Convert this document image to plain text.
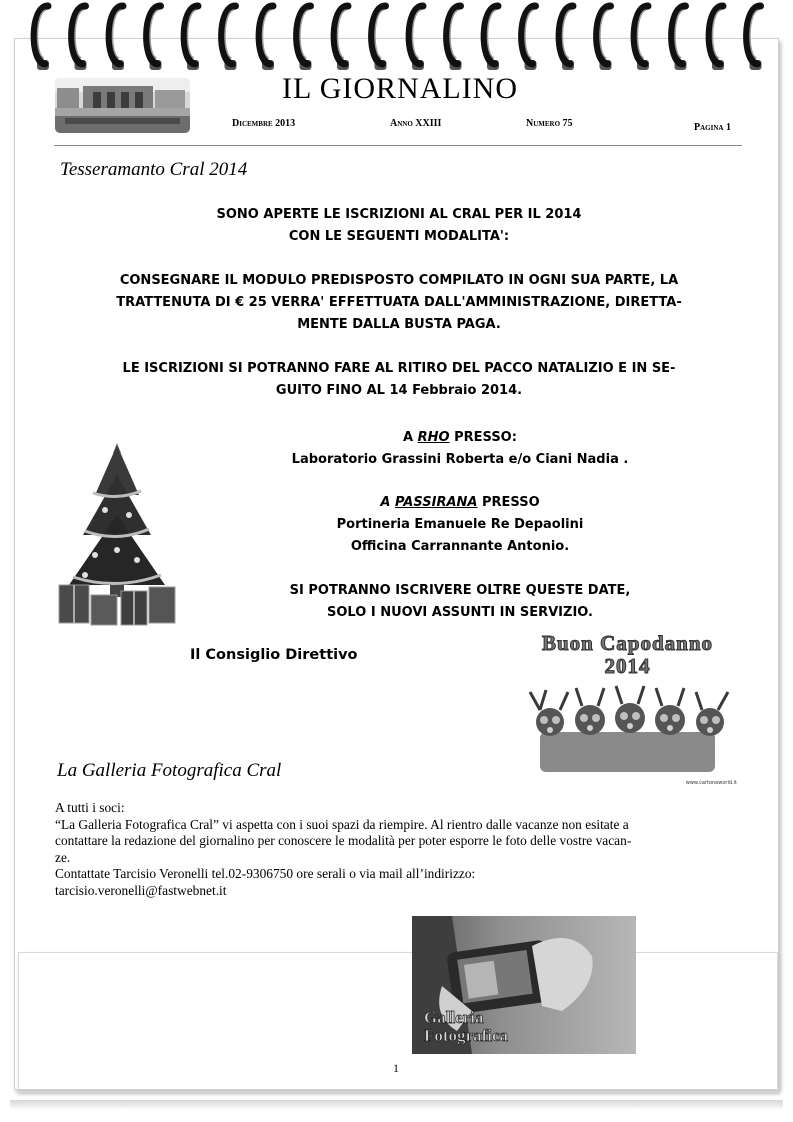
IL GIORNALINO
Dicembre 2013	Anno XXIII	Numero 75	Pagina 1
Tesseramanto Cral 2014

SONO APERTE LE ISCRIZIONI AL CRAL PER IL 2014

CON LE SEGUENTI MODALITA':

CONSEGNARE IL MODULO PREDISPOSTO COMPILATO IN OGNI SUA PARTE, LA

TRATTENUTA DI € 25 VERRA' EFFETTUATA DALL'AMMINISTRAZIONE, DIRETTA-

MENTE DALLA BUSTA PAGA.

LE ISCRIZIONI SI POTRANNO FARE AL RITIRO DEL PACCO NATALIZIO E IN SE-

GUITO FINO AL 14 Febbraio 2014.

A RHO PRESSO:

Laboratorio Grassini Roberta e/o Ciani Nadia .

A PASSIRANA PRESSO

Portineria Emanuele Re Depaolini

Officina Carrannante Antonio.

SI POTRANNO ISCRIVERE OLTRE QUESTE DATE,

SOLO I NUOVI ASSUNTI IN SERVIZIO.

Il Consiglio Direttivo	Buon Capodanno
2014
www.cartoneworld.it
La Galleria Fotografica Cral

A tutti i soci:

“La Galleria Fotografica Cral” vi aspetta con i suoi spazi da riempire. Al rientro dalle vacanze non esitate a

contattare la redazione del giornalino per conoscere le modalità per poter esporre le foto delle vostre vacan-

ze.

Contattate Tarcisio Veronelli tel.02-9306750 ore serali o via mail all’indirizzo:

tarcisio.veronelli@fastwebnet.it

Galleria
Fotografica
1
